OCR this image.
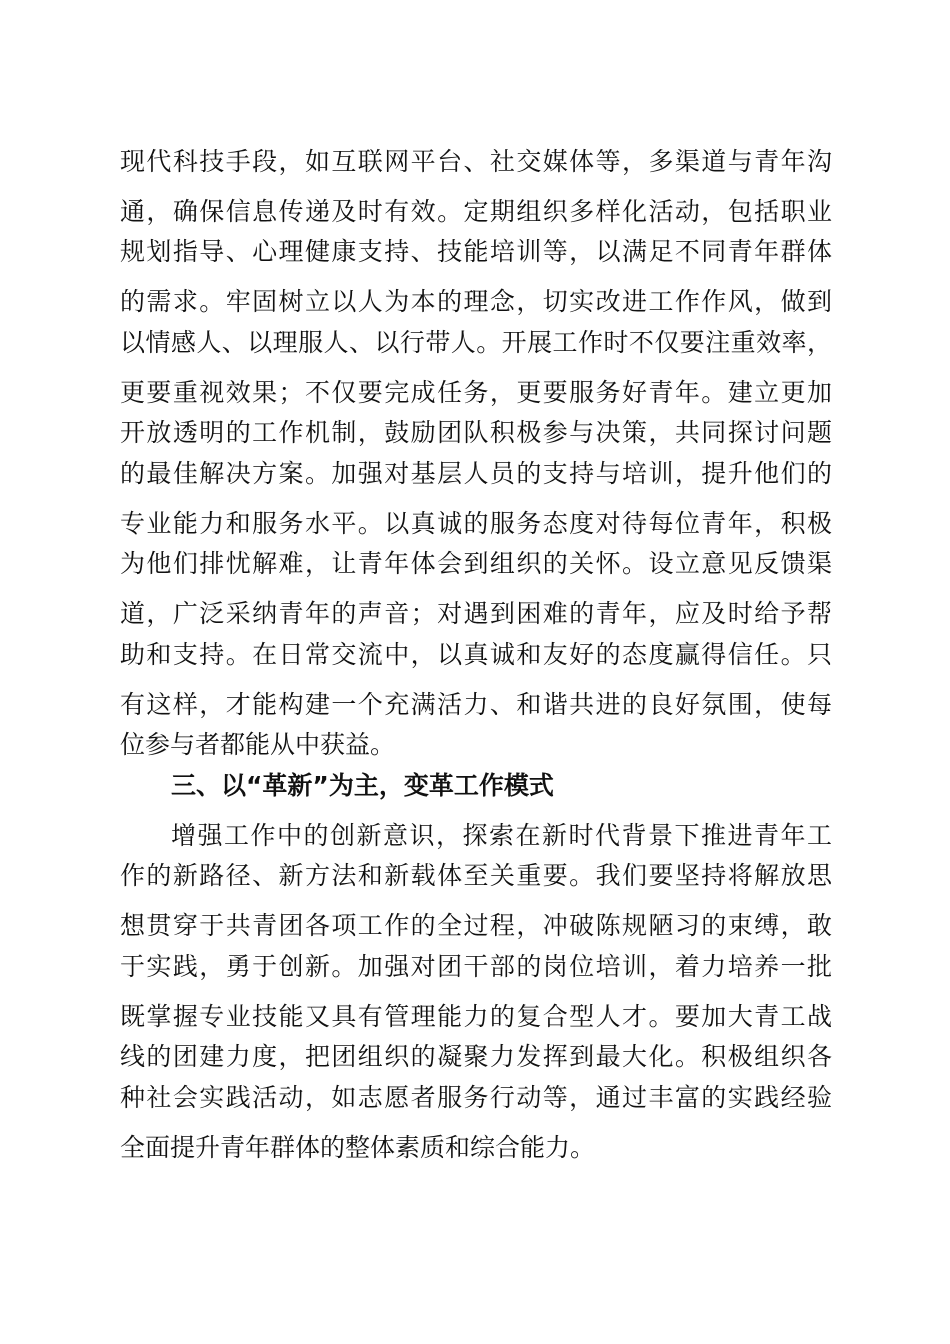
现代科技手段，如互联网平台、社交媒体等，多渠道与青年沟
通，确保信息传递及时有效。定期组织多样化活动，包括职业
规划指导、心理健康支持、技能培训等，以满足不同青年群体
的需求。牢固树立以人为本的理念，切实改进工作作风，做到
以情感人、以理服人、以行带人。开展工作时不仅要注重效率，
更要重视效果；不仅要完成任务，更要服务好青年。建立更加
开放透明的工作机制，鼓励团队积极参与决策，共同探讨问题
的最佳解决方案。加强对基层人员的支持与培训，提升他们的
专业能力和服务水平。以真诚的服务态度对待每位青年，积极
为他们排忧解难，让青年体会到组织的关怀。设立意见反馈渠
道，广泛采纳青年的声音；对遇到困难的青年，应及时给予帮
助和支持。在日常交流中，以真诚和友好的态度赢得信任。只
有这样，才能构建一个充满活力、和谐共进的良好氛围，使每
位参与者都能从中获益。
三、以“革新”为主，变革工作模式
增强工作中的创新意识，探索在新时代背景下推进青年工
作的新路径、新方法和新载体至关重要。我们要坚持将解放思
想贯穿于共青团各项工作的全过程，冲破陈规陋习的束缚，敢
于实践，勇于创新。加强对团干部的岗位培训，着力培养一批
既掌握专业技能又具有管理能力的复合型人才。要加大青工战
线的团建力度，把团组织的凝聚力发挥到最大化。积极组织各
种社会实践活动，如志愿者服务行动等，通过丰富的实践经验
全面提升青年群体的整体素质和综合能力。
